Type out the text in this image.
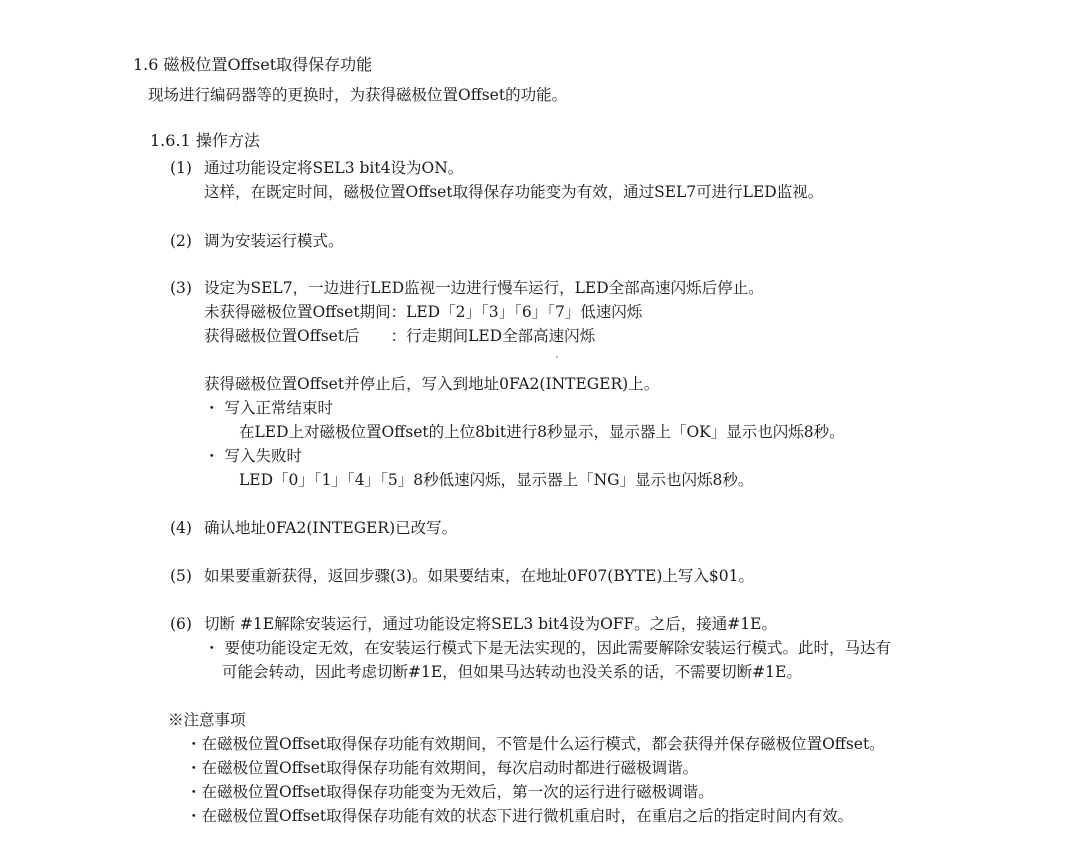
1.6 磁极位置Offset取得保存功能
现场进行编码器等的更换时，为获得磁极位置Offset的功能。
1.6.1 操作方法
(1) 通过功能设定将SEL3 bit4设为ON。
这样，在既定时间，磁极位置Offset取得保存功能变为有效，通过SEL7可进行LED监视。
(2) 调为安装运行模式。
(3) 设定为SEL7，一边进行LED监视一边进行慢车运行，LED全部高速闪烁后停止。
未获得磁极位置Offset期间：LED「2」「3」「6」「7」低速闪烁
获得磁极位置Offset后　　：行走期间LED全部高速闪烁
获得磁极位置Offset并停止后，写入到地址0FA2(INTEGER)上。
・ 写入正常结束时
在LED上对磁极位置Offset的上位8bit进行8秒显示，显示器上「OK」显示也闪烁8秒。
・ 写入失败时
LED「0」「1」「4」「5」8秒低速闪烁，显示器上「NG」显示也闪烁8秒。
(4) 确认地址0FA2(INTEGER)已改写。
(5) 如果要重新获得，返回步骤(3)。如果要结束，在地址0F07(BYTE)上写入$01。
(6) 切断 #1E解除安装运行，通过功能设定将SEL3 bit4设为OFF。之后，接通#1E。
・ 要使功能设定无效，在安装运行模式下是无法实现的，因此需要解除安装运行模式。此时，马达有
可能会转动，因此考虑切断#1E，但如果马达转动也没关系的话，不需要切断#1E。
※注意事项
・在磁极位置Offset取得保存功能有效期间，不管是什么运行模式，都会获得并保存磁极位置Offset。
・在磁极位置Offset取得保存功能有效期间，每次启动时都进行磁极调谐。
・在磁极位置Offset取得保存功能变为无效后，第一次的运行进行磁极调谐。
・在磁极位置Offset取得保存功能有效的状态下进行微机重启时，在重启之后的指定时间内有效。
